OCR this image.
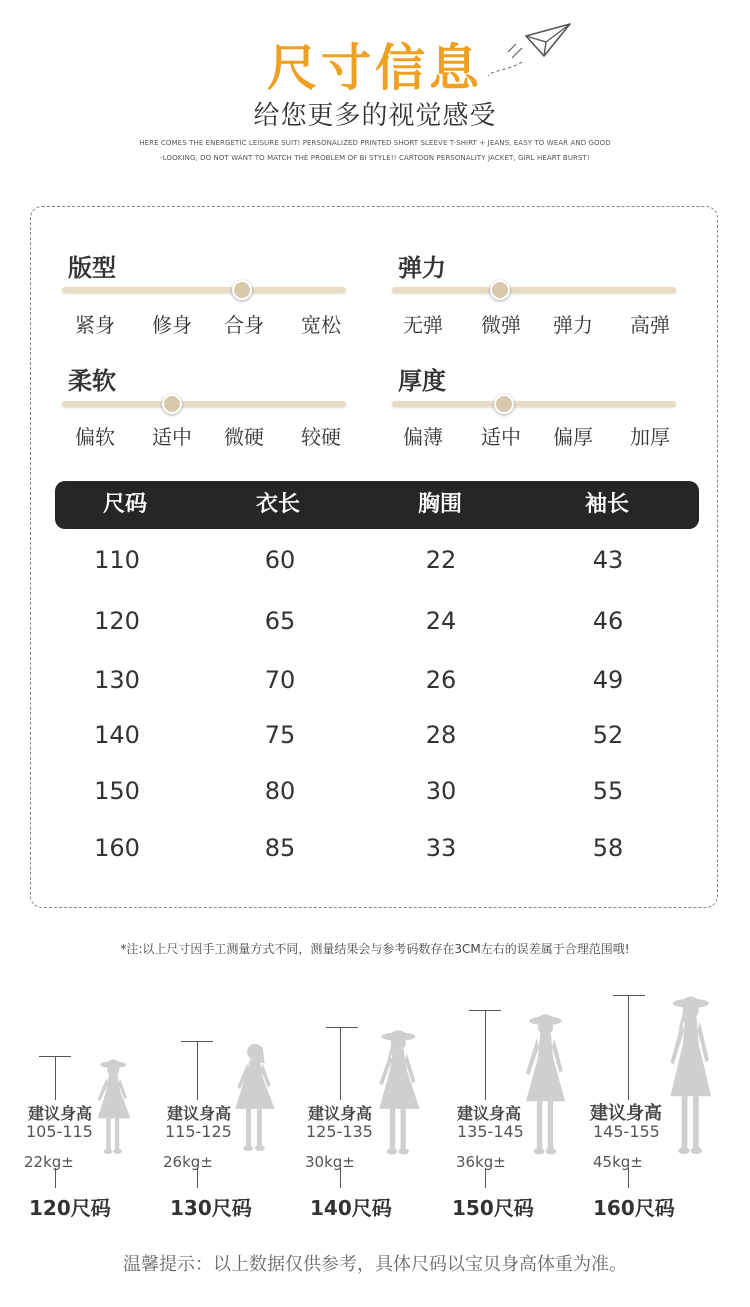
尺寸信息
给您更多的视觉感受
HERE COMES THE ENERGETIC LEISURE SUIT! PERSONALIZED PRINTED SHORT SLEEVE T-SHIRT + JEANS, EASY TO WEAR AND GOOD
-LOOKING, DO NOT WANT TO MATCH THE PROBLEM OF BI STYLE!! CARTOON PERSONALITY JACKET, GIRL HEART BURST!
版型
紧身	修身	合身	宽松
弹力
无弹	微弹	弹力	高弹
柔软
偏软	适中	微硬	较硬
厚度
偏薄	适中	偏厚	加厚
尺码	衣长	胸围	袖长
110	60	22	43
120	65	24	46
130	70	26	49
140	75	28	52
150	80	30	55
160	85	33	58
*注:以上尺寸因手工测量方式不同，测量结果会与参考码数存在3CM左右的误差属于合理范围哦!
建议身高
105-115
22kg±
120尺码
建议身高
115-125
26kg±
130尺码
建议身高
125-135
30kg±
140尺码
建议身高
135-145
36kg±
150尺码
建议身高
145-155
45kg±
160尺码
温馨提示：以上数据仅供参考，具体尺码以宝贝身高体重为准。
